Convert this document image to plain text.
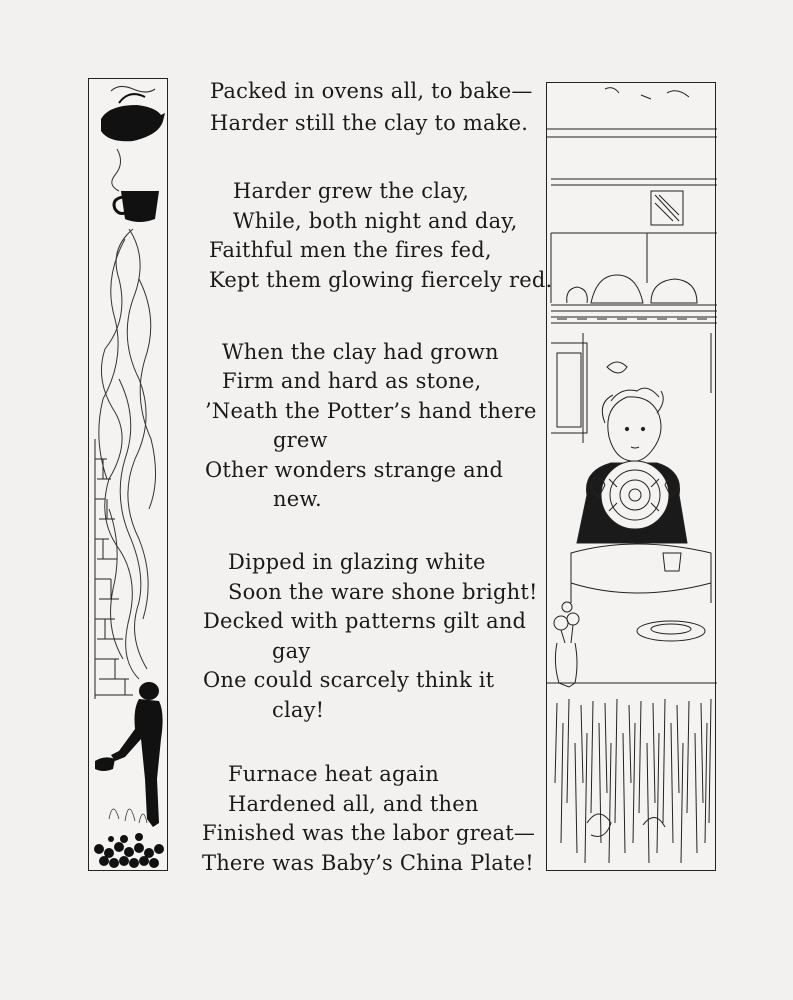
Packed in ovens all, to bake—
Harder still the clay to make.
Harder grew the clay,
While, both night and day,
Faithful men the fires fed,
Kept them glowing fiercely red.
When the clay had grown
Firm and hard as stone,
’Neath the Potter’s hand there
grew
Other wonders strange and
new.
Dipped in glazing white
Soon the ware shone bright!
Decked with patterns gilt and
gay
One could scarcely think it
clay!
Furnace heat again
Hardened all, and then
Finished was the labor great—
There was Baby’s China Plate!
